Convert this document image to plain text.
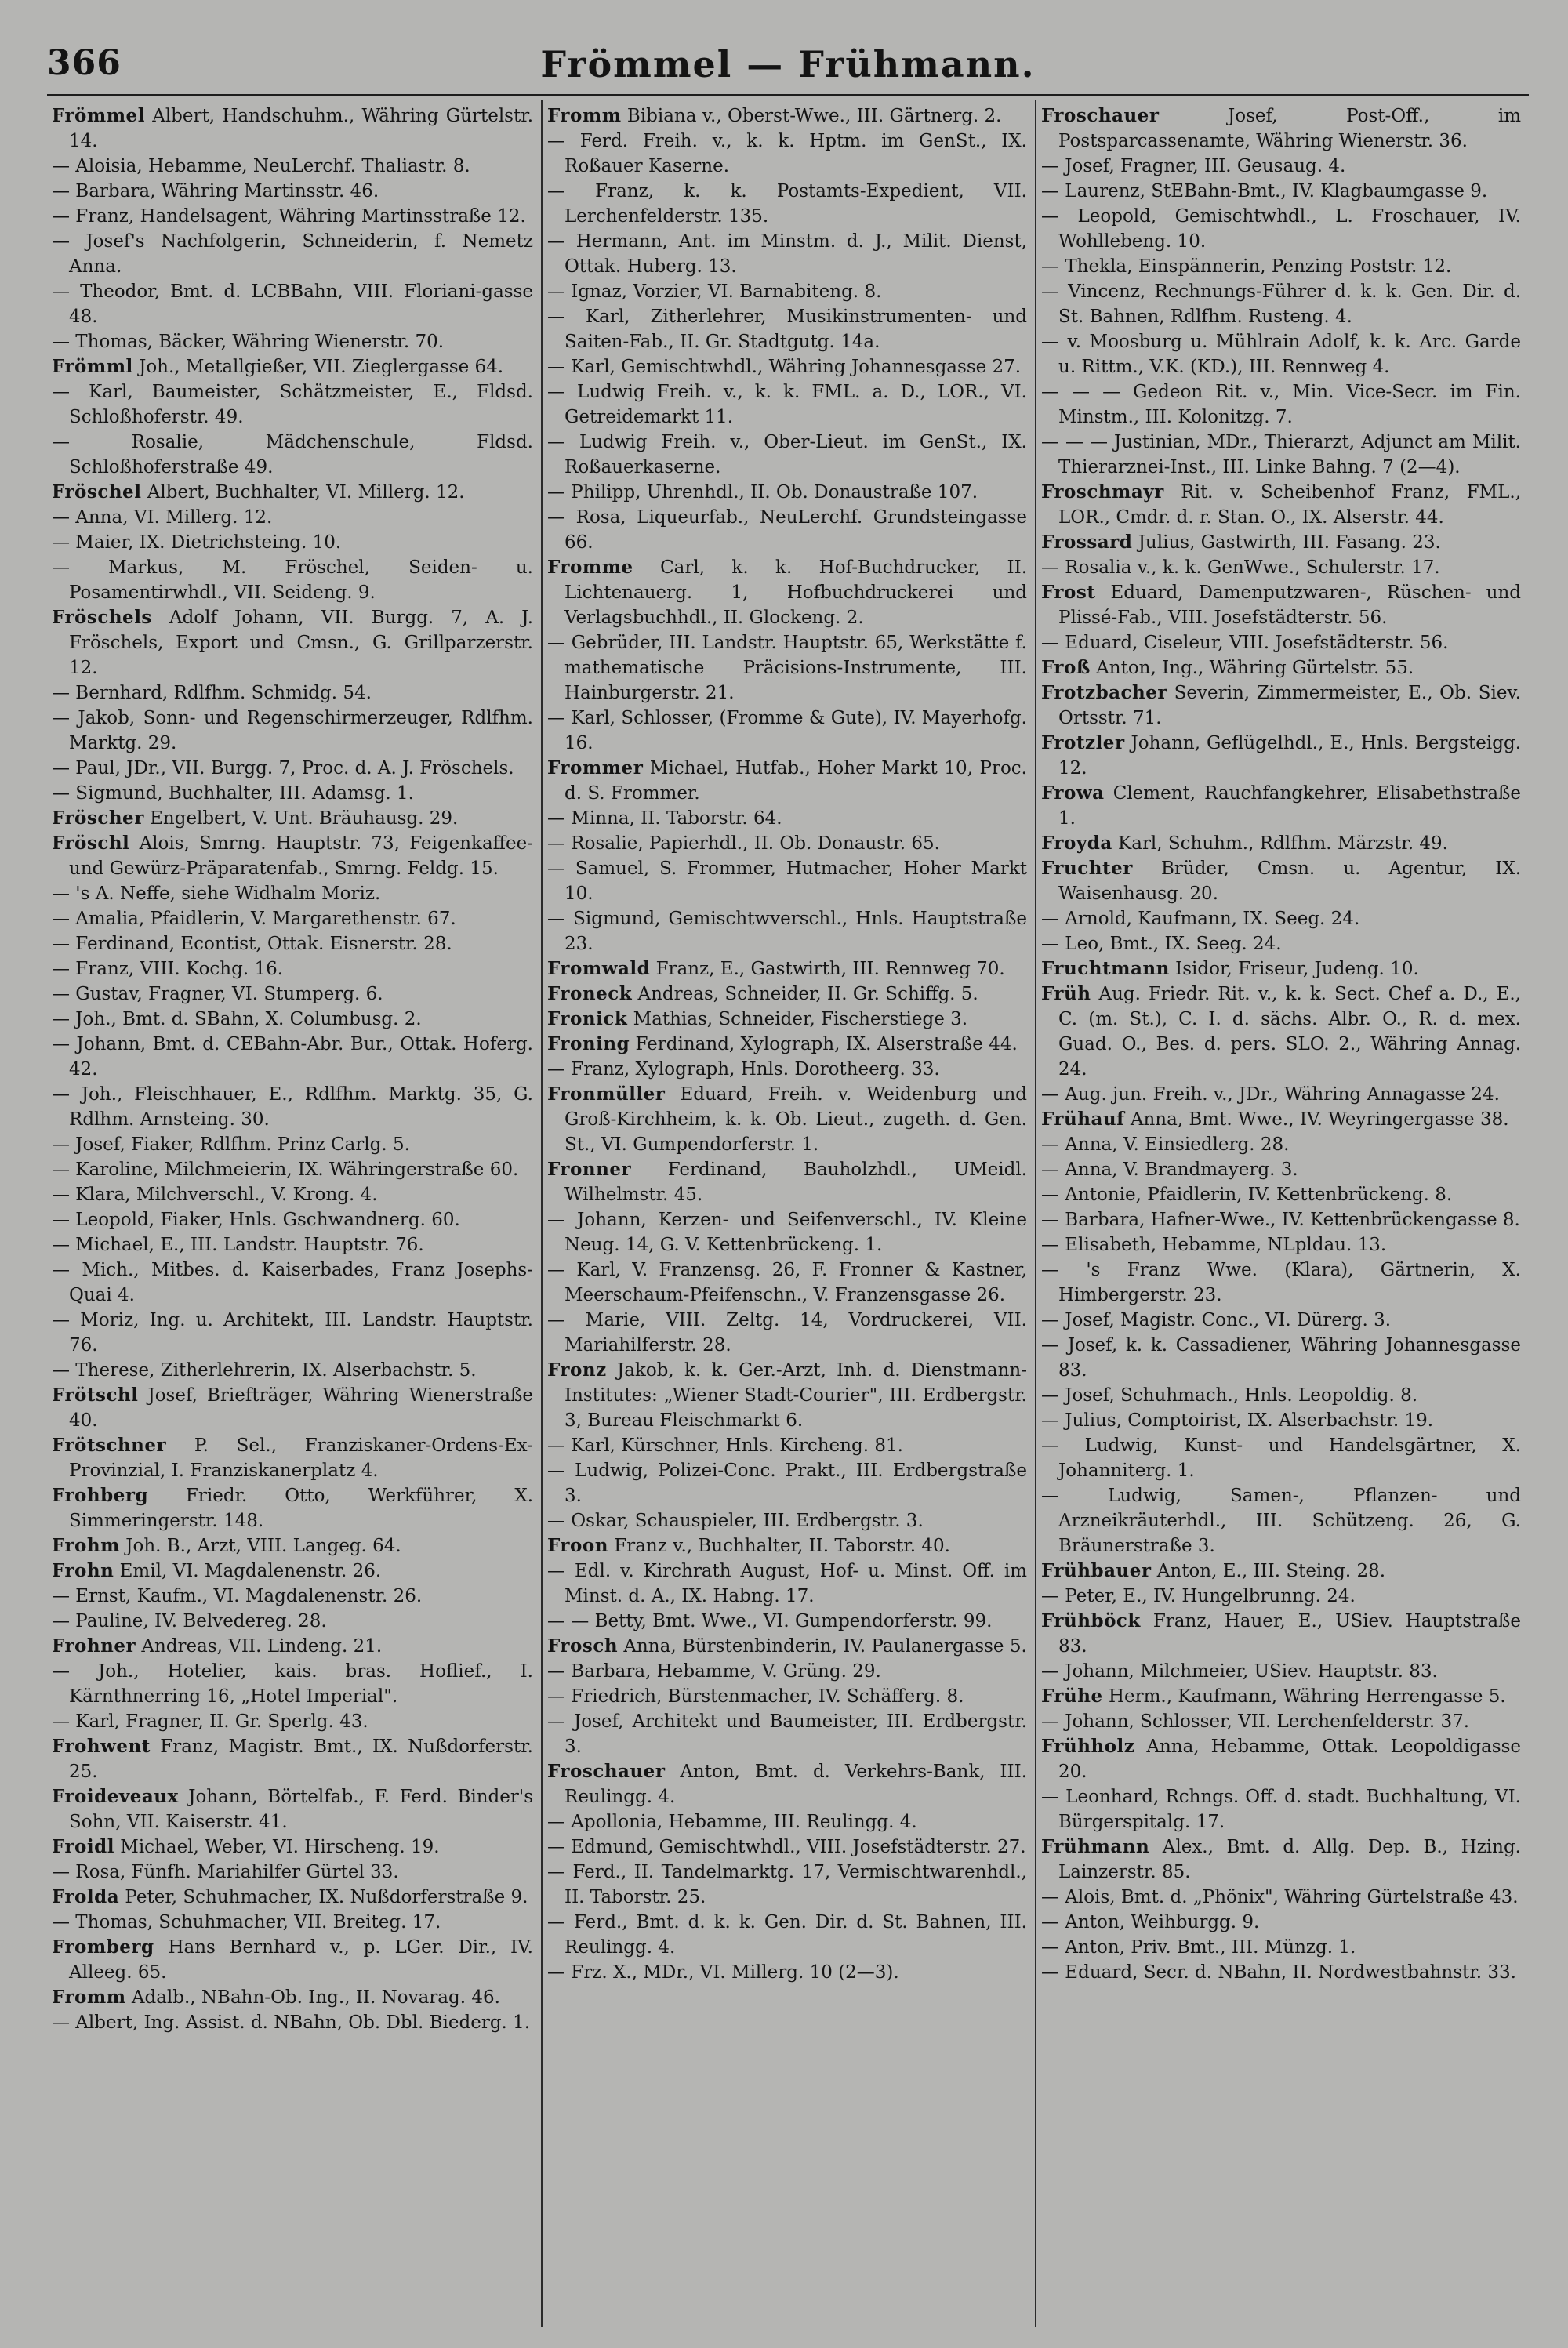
366	Frömmel — Frühmann.
Frömmel Albert, Handschuhm., Währing Gürtelstr. 14.
— Aloisia, Hebamme, NeuLerchf. Thaliastr. 8.
— Barbara, Währing Martinsstr. 46.
— Franz, Handelsagent, Währing Martinsstraße 12.
— Josef's Nachfolgerin, Schneiderin, f. Nemetz Anna.
— Theodor, Bmt. d. LCBBahn, VIII. Floriani-gasse 48.
— Thomas, Bäcker, Währing Wienerstr. 70.
Frömml Joh., Metallgießer, VII. Zieglergasse 64.
— Karl, Baumeister, Schätzmeister, E., Fldsd. Schloßhoferstr. 49.
— Rosalie, Mädchenschule, Fldsd. Schloßhoferstraße 49.
Fröschel Albert, Buchhalter, VI. Millerg. 12.
— Anna, VI. Millerg. 12.
— Maier, IX. Dietrichsteing. 10.
— Markus, M. Fröschel, Seiden- u. Posamentirwhdl., VII. Seideng. 9.
Fröschels Adolf Johann, VII. Burgg. 7, A. J. Fröschels, Export und Cmsn., G. Grillparzerstr. 12.
— Bernhard, Rdlfhm. Schmidg. 54.
— Jakob, Sonn- und Regenschirmerzeuger, Rdlfhm. Marktg. 29.
— Paul, JDr., VII. Burgg. 7, Proc. d. A. J. Fröschels.
— Sigmund, Buchhalter, III. Adamsg. 1.
Fröscher Engelbert, V. Unt. Bräuhausg. 29.
Fröschl Alois, Smrng. Hauptstr. 73, Feigenkaffee- und Gewürz-Präparatenfab., Smrng. Feldg. 15.
— 's A. Neffe, siehe Widhalm Moriz.
— Amalia, Pfaidlerin, V. Margarethenstr. 67.
— Ferdinand, Econtist, Ottak. Eisnerstr. 28.
— Franz, VIII. Kochg. 16.
— Gustav, Fragner, VI. Stumperg. 6.
— Joh., Bmt. d. SBahn, X. Columbusg. 2.
— Johann, Bmt. d. CEBahn-Abr. Bur., Ottak. Hoferg. 42.
— Joh., Fleischhauer, E., Rdlfhm. Marktg. 35, G. Rdlhm. Arnsteing. 30.
— Josef, Fiaker, Rdlfhm. Prinz Carlg. 5.
— Karoline, Milchmeierin, IX. Währingerstraße 60.
— Klara, Milchverschl., V. Krong. 4.
— Leopold, Fiaker, Hnls. Gschwandnerg. 60.
— Michael, E., III. Landstr. Hauptstr. 76.
— Mich., Mitbes. d. Kaiserbades, Franz Josephs-Quai 4.
— Moriz, Ing. u. Architekt, III. Landstr. Hauptstr. 76.
— Therese, Zitherlehrerin, IX. Alserbachstr. 5.
Frötschl Josef, Briefträger, Währing Wienerstraße 40.
Frötschner P. Sel., Franziskaner-Ordens-Ex-Provinzial, I. Franziskanerplatz 4.
Frohberg Friedr. Otto, Werkführer, X. Simmeringerstr. 148.
Frohm Joh. B., Arzt, VIII. Langeg. 64.
Frohn Emil, VI. Magdalenenstr. 26.
— Ernst, Kaufm., VI. Magdalenenstr. 26.
— Pauline, IV. Belvedereg. 28.
Frohner Andreas, VII. Lindeng. 21.
— Joh., Hotelier, kais. bras. Hoflief., I. Kärnthnerring 16, „Hotel Imperial".
— Karl, Fragner, II. Gr. Sperlg. 43.
Frohwent Franz, Magistr. Bmt., IX. Nußdorferstr. 25.
Froideveaux Johann, Börtelfab., F. Ferd. Binder's Sohn, VII. Kaiserstr. 41.
Froidl Michael, Weber, VI. Hirscheng. 19.
— Rosa, Fünfh. Mariahilfer Gürtel 33.
Frolda Peter, Schuhmacher, IX. Nußdorferstraße 9.
— Thomas, Schuhmacher, VII. Breiteg. 17.
Fromberg Hans Bernhard v., p. LGer. Dir., IV. Alleeg. 65.
Fromm Adalb., NBahn-Ob. Ing., II. Novarag. 46.
— Albert, Ing. Assist. d. NBahn, Ob. Dbl. Biederg. 1.
Fromm Bibiana v., Oberst-Wwe., III. Gärtnerg. 2.
— Ferd. Freih. v., k. k. Hptm. im GenSt., IX. Roßauer Kaserne.
— Franz, k. k. Postamts-Expedient, VII. Lerchenfelderstr. 135.
— Hermann, Ant. im Minstm. d. J., Milit. Dienst, Ottak. Huberg. 13.
— Ignaz, Vorzier, VI. Barnabiteng. 8.
— Karl, Zitherlehrer, Musikinstrumenten- und Saiten-Fab., II. Gr. Stadtgutg. 14a.
— Karl, Gemischtwhdl., Währing Johannesgasse 27.
— Ludwig Freih. v., k. k. FML. a. D., LOR., VI. Getreidemarkt 11.
— Ludwig Freih. v., Ober-Lieut. im GenSt., IX. Roßauerkaserne.
— Philipp, Uhrenhdl., II. Ob. Donaustraße 107.
— Rosa, Liqueurfab., NeuLerchf. Grundsteingasse 66.
Fromme Carl, k. k. Hof-Buchdrucker, II. Lichtenauerg. 1, Hofbuchdruckerei und Verlagsbuchhdl., II. Glockeng. 2.
— Gebrüder, III. Landstr. Hauptstr. 65, Werkstätte f. mathematische Präcisions-Instrumente, III. Hainburgerstr. 21.
— Karl, Schlosser, (Fromme & Gute), IV. Mayerhofg. 16.
Frommer Michael, Hutfab., Hoher Markt 10, Proc. d. S. Frommer.
— Minna, II. Taborstr. 64.
— Rosalie, Papierhdl., II. Ob. Donaustr. 65.
— Samuel, S. Frommer, Hutmacher, Hoher Markt 10.
— Sigmund, Gemischtwverschl., Hnls. Hauptstraße 23.
Fromwald Franz, E., Gastwirth, III. Rennweg 70.
Froneck Andreas, Schneider, II. Gr. Schiffg. 5.
Fronick Mathias, Schneider, Fischerstiege 3.
Froning Ferdinand, Xylograph, IX. Alserstraße 44.
— Franz, Xylograph, Hnls. Dorotheerg. 33.
Fronmüller Eduard, Freih. v. Weidenburg und Groß-Kirchheim, k. k. Ob. Lieut., zugeth. d. Gen. St., VI. Gumpendorferstr. 1.
Fronner Ferdinand, Bauholzhdl., UMeidl. Wilhelmstr. 45.
— Johann, Kerzen- und Seifenverschl., IV. Kleine Neug. 14, G. V. Kettenbrückeng. 1.
— Karl, V. Franzensg. 26, F. Fronner & Kastner, Meerschaum-Pfeifenschn., V. Franzensgasse 26.
— Marie, VIII. Zeltg. 14, Vordruckerei, VII. Mariahilferstr. 28.
Fronz Jakob, k. k. Ger.-Arzt, Inh. d. Dienstmann-Institutes: „Wiener Stadt-Courier", III. Erdbergstr. 3, Bureau Fleischmarkt 6.
— Karl, Kürschner, Hnls. Kircheng. 81.
— Ludwig, Polizei-Conc. Prakt., III. Erdbergstraße 3.
— Oskar, Schauspieler, III. Erdbergstr. 3.
Froon Franz v., Buchhalter, II. Taborstr. 40.
— Edl. v. Kirchrath August, Hof- u. Minst. Off. im Minst. d. A., IX. Habng. 17.
— — Betty, Bmt. Wwe., VI. Gumpendorferstr. 99.
Frosch Anna, Bürstenbinderin, IV. Paulanergasse 5.
— Barbara, Hebamme, V. Grüng. 29.
— Friedrich, Bürstenmacher, IV. Schäfferg. 8.
— Josef, Architekt und Baumeister, III. Erdbergstr. 3.
Froschauer Anton, Bmt. d. Verkehrs-Bank, III. Reulingg. 4.
— Apollonia, Hebamme, III. Reulingg. 4.
— Edmund, Gemischtwhdl., VIII. Josefstädterstr. 27.
— Ferd., II. Tandelmarktg. 17, Vermischtwarenhdl., II. Taborstr. 25.
— Ferd., Bmt. d. k. k. Gen. Dir. d. St. Bahnen, III. Reulingg. 4.
— Frz. X., MDr., VI. Millerg. 10 (2—3).
Froschauer	Josef, Post-Off., im Postsparcassenamte, Währing Wienerstr. 36.
— Josef, Fragner, III. Geusaug. 4.
— Laurenz, StEBahn-Bmt., IV. Klagbaumgasse 9.
— Leopold, Gemischtwhdl., L. Froschauer, IV. Wohllebeng. 10.
— Thekla, Einspännerin, Penzing Poststr. 12.
— Vincenz, Rechnungs-Führer d. k. k. Gen. Dir. d. St. Bahnen, Rdlfhm. Rusteng. 4.
— v. Moosburg u. Mühlrain Adolf, k. k. Arc. Garde u. Rittm., V.K. (KD.), III. Rennweg 4.
— — — Gedeon Rit. v., Min. Vice-Secr. im Fin. Minstm., III. Kolonitzg. 7.
— — — Justinian, MDr., Thierarzt, Adjunct am Milit. Thierarznei-Inst., III. Linke Bahng. 7 (2—4).
Froschmayr Rit. v. Scheibenhof Franz, FML., LOR., Cmdr. d. r. Stan. O., IX. Alserstr. 44.
Frossard Julius, Gastwirth, III. Fasang. 23.
— Rosalia v., k. k. GenWwe., Schulerstr. 17.
Frost Eduard, Damenputzwaren-, Rüschen- und Plissé-Fab., VIII. Josefstädterstr. 56.
— Eduard, Ciseleur, VIII. Josefstädterstr. 56.
Froß Anton, Ing., Währing Gürtelstr. 55.
Frotzbacher Severin, Zimmermeister, E., Ob. Siev. Ortsstr. 71.
Frotzler Johann, Geflügelhdl., E., Hnls. Bergsteigg. 12.
Frowa Clement, Rauchfangkehrer, Elisabethstraße 1.
Froyda Karl, Schuhm., Rdlfhm. Märzstr. 49.
Fruchter Brüder, Cmsn. u. Agentur, IX. Waisenhausg. 20.
— Arnold, Kaufmann, IX. Seeg. 24.
— Leo, Bmt., IX. Seeg. 24.
Fruchtmann Isidor, Friseur, Judeng. 10.
Früh Aug. Friedr. Rit. v., k. k. Sect. Chef a. D., E., C. (m. St.), C. I. d. sächs. Albr. O., R. d. mex. Guad. O., Bes. d. pers. SLO. 2., Währing Annag. 24.
— Aug. jun. Freih. v., JDr., Währing Annagasse 24.
Frühauf Anna, Bmt. Wwe., IV. Weyringergasse 38.
— Anna, V. Einsiedlerg. 28.
— Anna, V. Brandmayerg. 3.
— Antonie, Pfaidlerin, IV. Kettenbrückeng. 8.
— Barbara, Hafner-Wwe., IV. Kettenbrückengasse 8.
— Elisabeth, Hebamme, NLpldau. 13.
— 's Franz Wwe. (Klara), Gärtnerin, X. Himbergerstr. 23.
— Josef, Magistr. Conc., VI. Dürerg. 3.
— Josef, k. k. Cassadiener, Währing Johannesgasse 83.
— Josef, Schuhmach., Hnls. Leopoldig. 8.
— Julius, Comptoirist, IX. Alserbachstr. 19.
— Ludwig, Kunst- und Handelsgärtner, X. Johanniterg. 1.
— Ludwig, Samen-, Pflanzen- und Arzneikräuterhdl., III. Schützeng. 26, G. Bräunerstraße 3.
Frühbauer Anton, E., III. Steing. 28.
— Peter, E., IV. Hungelbrunng. 24.
Frühböck Franz, Hauer, E., USiev. Hauptstraße 83.
— Johann, Milchmeier, USiev. Hauptstr. 83.
Frühe Herm., Kaufmann, Währing Herrengasse 5.
— Johann, Schlosser, VII. Lerchenfelderstr. 37.
Frühholz Anna, Hebamme, Ottak. Leopoldigasse 20.
— Leonhard, Rchngs. Off. d. stadt. Buchhaltung, VI. Bürgerspitalg. 17.
Frühmann Alex., Bmt. d. Allg. Dep. B., Hzing. Lainzerstr. 85.
— Alois, Bmt. d. „Phönix", Währing Gürtelstraße 43.
— Anton, Weihburgg. 9.
— Anton, Priv. Bmt., III. Münzg. 1.
— Eduard, Secr. d. NBahn, II. Nordwestbahnstr. 33.
